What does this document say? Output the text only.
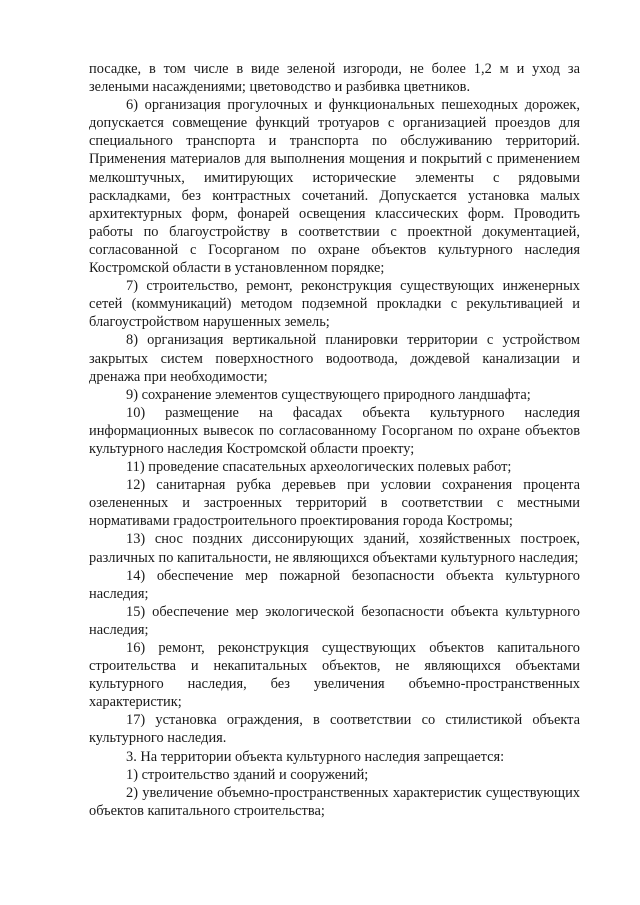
посадке, в том числе в виде зеленой изгороди, не более 1,2 м и уход за зелеными насаждениями; цветоводство и разбивка цветников.

6) организация прогулочных и функциональных пешеходных дорожек, допускается совмещение функций тротуаров с организацией проездов для специального транспорта и транспорта по обслуживанию территорий. Применения материалов для выполнения мощения и покрытий с применением мелкоштучных, имитирующих исторические элементы с рядовыми раскладками, без контрастных сочетаний. Допускается установка малых архитектурных форм, фонарей освещения классических форм. Проводить работы по благоустройству в соответствии с проектной документацией, согласованной с Госорганом по охране объектов культурного наследия Костромской области в установленном порядке;

7) строительство, ремонт, реконструкция существующих инженерных сетей (коммуникаций) методом подземной прокладки с рекультивацией и благоустройством нарушенных земель;

8) организация вертикальной планировки территории с устройством закрытых систем поверхностного водоотвода, дождевой канализации и дренажа при необходимости;

9) сохранение элементов существующего природного ландшафта;

10) размещение на фасадах объекта культурного наследия информационных вывесок по согласованному Госорганом по охране объектов культурного наследия Костромской области проекту;

11) проведение спасательных археологических полевых работ;

12) санитарная рубка деревьев при условии сохранения процента озелененных и застроенных территорий в соответствии с местными нормативами градостроительного проектирования города Костромы;

13) снос поздних диссонирующих зданий, хозяйственных построек, различных по капитальности, не являющихся объектами культурного наследия;

14) обеспечение мер пожарной безопасности объекта культурного наследия;

15) обеспечение мер экологической безопасности объекта культурного наследия;

16) ремонт, реконструкция существующих объектов капитального строительства и некапитальных объектов, не являющихся объектами культурного наследия, без увеличения объемно-пространственных характеристик;

17) установка ограждения, в соответствии со стилистикой объекта культурного наследия.

3. На территории объекта культурного наследия запрещается:

1) строительство зданий и сооружений;

2) увеличение объемно-пространственных характеристик существующих объектов капитального строительства;
